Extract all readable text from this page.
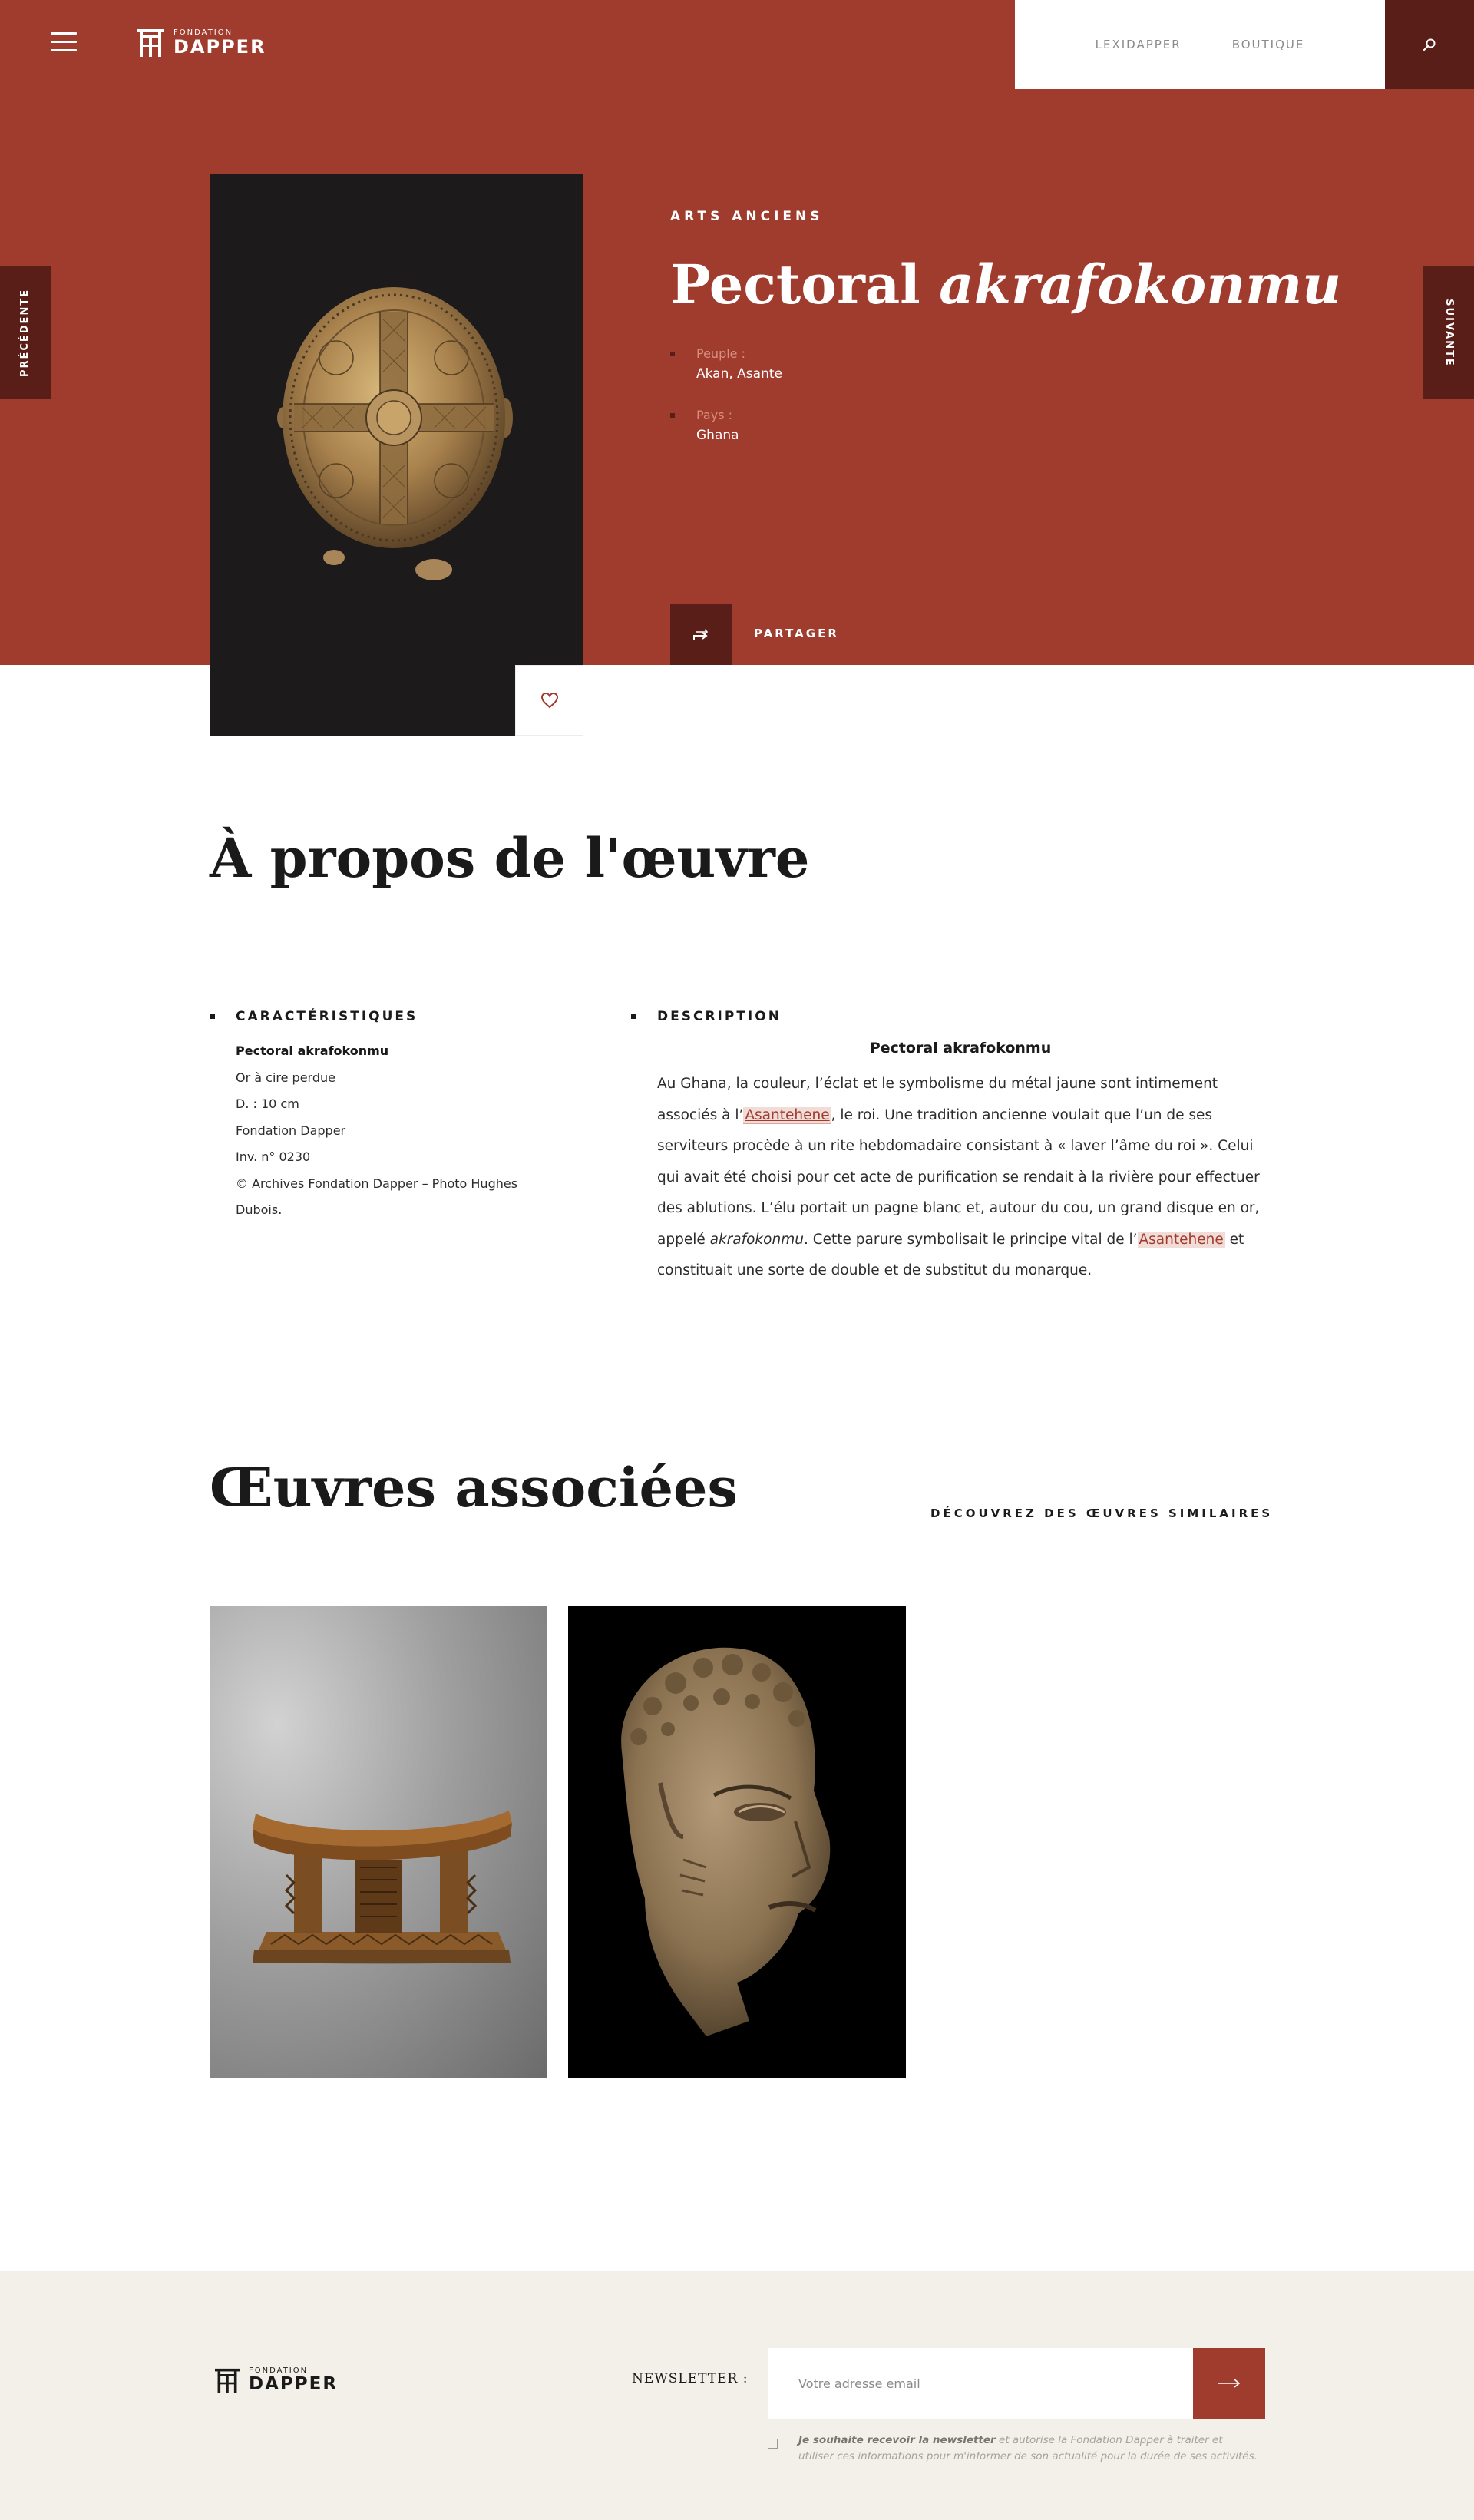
FONDATION
DAPPER	LEXIDAPPER	BOUTIQUE
PRÉCÉDENTE	SUIVANTE
ARTS ANCIENS
Pectoral akrafokonmu
Peuple :
Akan, Asante
Pays :
Ghana
PARTAGER
À propos de l'œuvre
CARACTÉRISTIQUES
Pectoral akrafokonmu
Or à cire perdue
D. : 10 cm
Fondation Dapper
Inv. n° 0230
© Archives Fondation Dapper – Photo Hughes Dubois.
DESCRIPTION
Pectoral akrafokonmu

Au Ghana, la couleur, l’éclat et le symbolisme du métal jaune sont intimement associés à l’ Asantehene , le roi. Une tradition ancienne voulait que l’un de ses serviteurs procède à un rite hebdomadaire consistant à « laver l’âme du roi ». Celui qui avait été choisi pour cet acte de purification se rendait à la rivière pour effectuer des ablutions. L’élu portait un pagne blanc et, autour du cou, un grand disque en or, appelé akrafokonmu. Cette parure symbolisait le principe vital de l’ Asantehene et constituait une sorte de double et de substitut du monarque.

Œuvres associées	DÉCOUVREZ DES ŒUVRES SIMILAIRES
FONDATION
DAPPER	NEWSLETTER :
Votre adresse email

Je souhaite recevoir la newsletter et autorise la Fondation Dapper à traiter et utiliser ces informations pour m'informer de son actualité pour la durée de ses activités.
